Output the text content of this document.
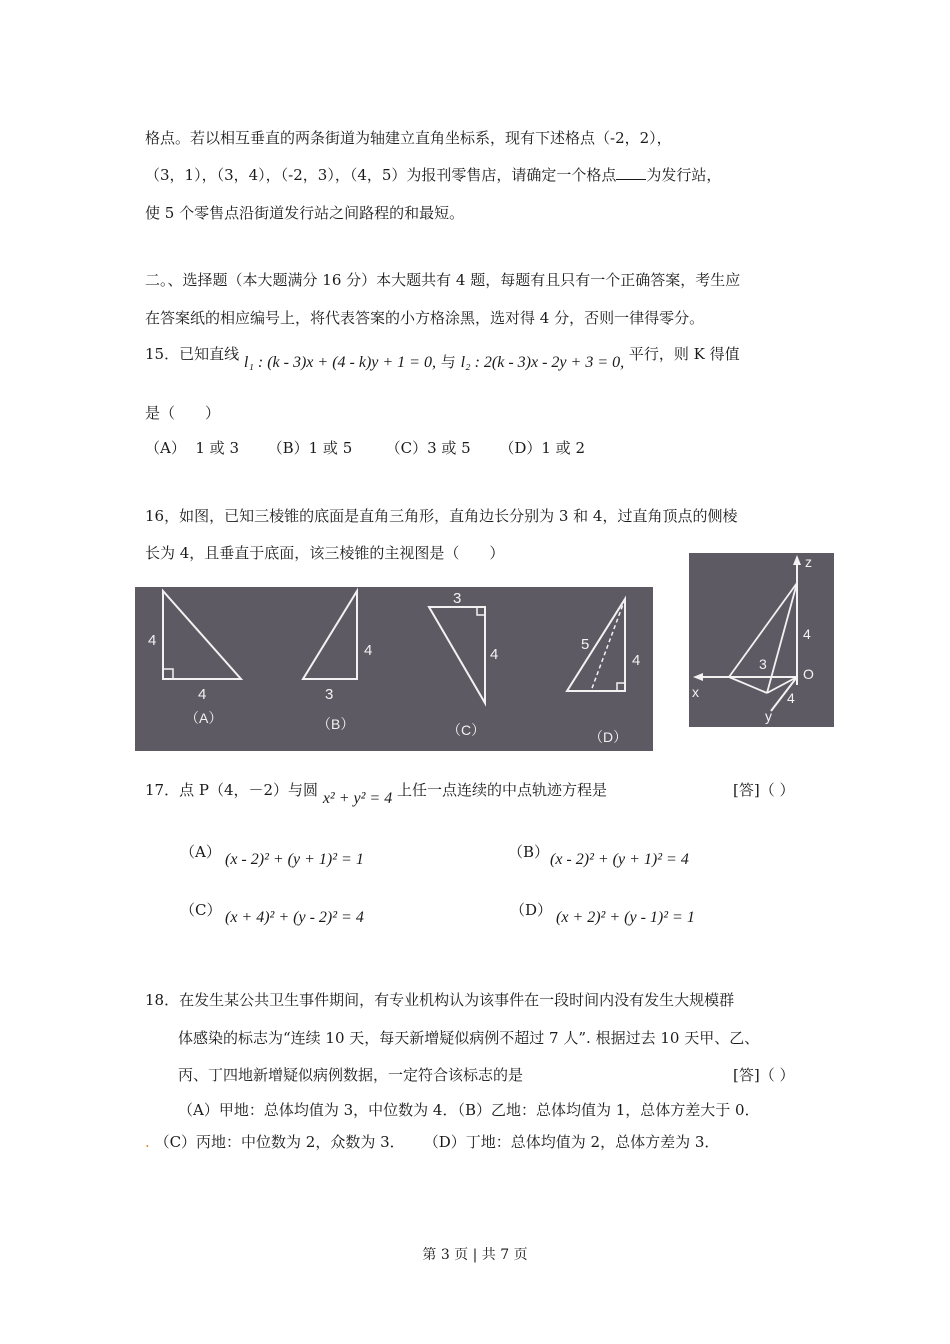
格点。若以相互垂直的两条街道为轴建立直角坐标系，现有下述格点（-2，2），
（3，1），（3，4），（-2，3），（4，5）为报刊零售店，请确定一个格点 为发行站，
使 5 个零售点沿街道发行站之间路程的和最短。
二。、选择题（本大题满分 16 分）本大题共有 4 题，每题有且只有一个正确答案，考生应
在答案纸的相应编号上，将代表答案的小方格涂黑，选对得 4 分，否则一律得零分。
15．已知直线 l₁ : (k - 3)x + (4 - k)y + 1 = 0, 与 l₂ : 2(k - 3)x - 2y + 3 = 0, 平行，则 K 得值
是（　　）
（A）  1 或 3      （B）1 或 5       （C）3 或 5      （D）1 或 2
16，如图，已知三棱锥的底面是直角三角形，直角边长分别为 3 和 4，过直角顶点的侧棱
长为 4，且垂直于底面，该三棱锥的主视图是（　　）
4
4
（A）
4
3
（B）
3
4
（C）
5
4
（D）
z
4
3
O
4
x
y
17．点 P（4，－2）与圆 x² + y² = 4 上任一点连续的中点轨迹方程是	[答]（ ）
（A） (x - 2)² + (y + 1)² = 1	（B） (x - 2)² + (y + 1)² = 4
（C） (x + 4)² + (y - 2)² = 4	（D） (x + 2)² + (y - 1)² = 1
18．在发生某公共卫生事件期间，有专业机构认为该事件在一段时间内没有发生大规模群
体感染的标志为“连续 10 天，每天新增疑似病例不超过 7 人”. 根据过去 10 天甲、乙、
丙、丁四地新增疑似病例数据，一定符合该标志的是	[答]（ ）
（A）甲地：总体均值为 3，中位数为 4．（B）乙地：总体均值为 1，总体方差大于 0．
. （C）丙地：中位数为 2，众数为 3．    （D）丁地：总体均值为 2，总体方差为 3．
第 3 页 | 共 7 页
